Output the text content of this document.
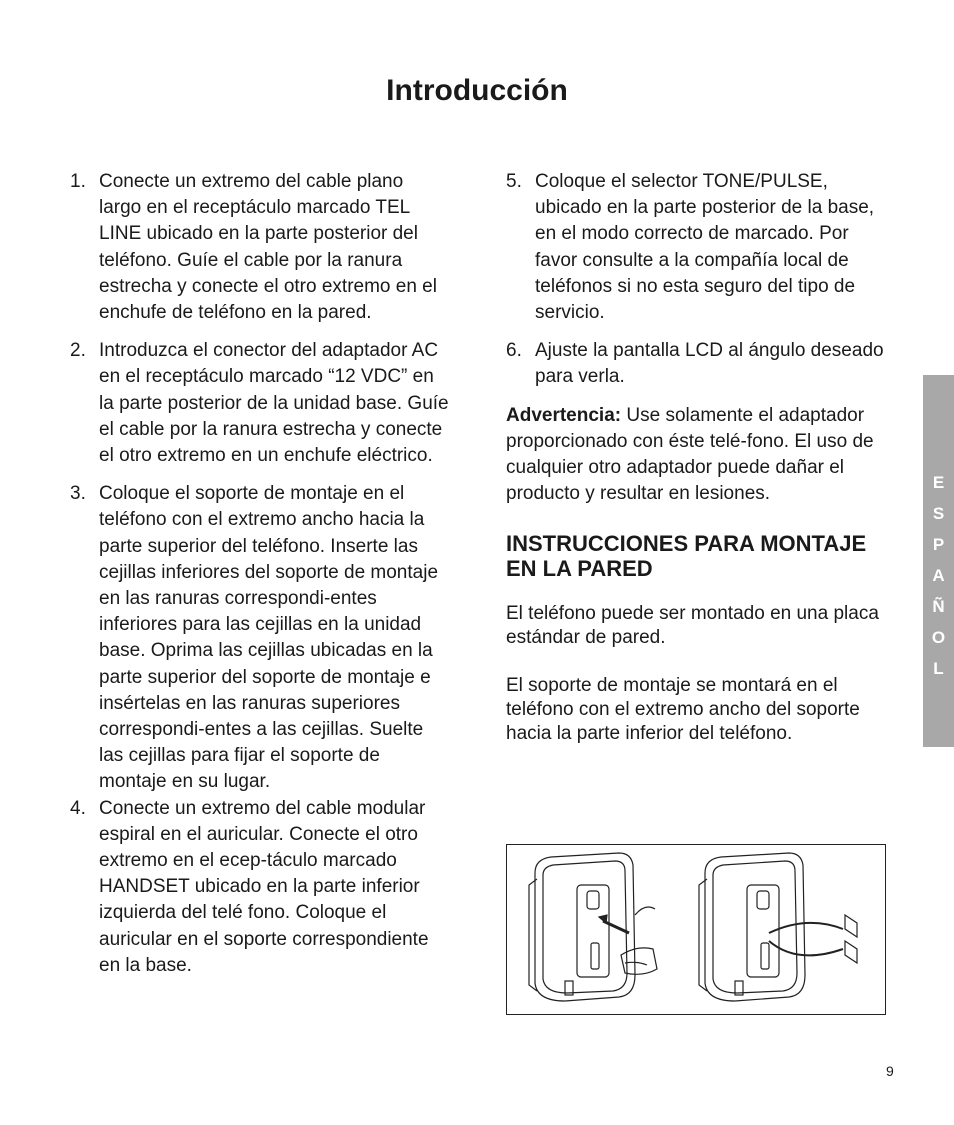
Introducción
1. Conecte un extremo del cable plano largo en el receptáculo marcado TEL LINE ubicado en la parte posterior del teléfono. Guíe el cable por la ranura estrecha y conecte el otro extremo en el enchufe de teléfono en la pared.
2. Introduzca el conector del adaptador AC en el receptáculo marcado “12 VDC” en la parte posterior de la unidad base. Guíe el cable por la ranura estrecha y conecte el otro extremo en un enchufe eléctrico.
3. Coloque el soporte de montaje en el teléfono con el extremo ancho hacia la parte superior del teléfono. Inserte las cejillas inferiores del soporte de montaje en las ranuras correspondi-entes inferiores para las cejillas en la unidad base. Oprima las cejillas ubicadas en la parte superior del soporte de montaje e insértelas en las ranuras superiores correspondi-entes a las cejillas. Suelte las cejillas para fijar el soporte de montaje en su lugar.
4. Conecte un extremo del cable modular espiral en el auricular. Conecte el otro extremo en el ecep-táculo marcado HANDSET ubicado en la parte inferior izquierda del telé fono. Coloque el auricular en el soporte correspondiente en la base.
5. Coloque el selector TONE/PULSE, ubicado en la parte posterior de la base, en el modo correcto de marcado. Por favor consulte a la compañía local de teléfonos si no esta seguro del tipo de servicio.
6. Ajuste la pantalla LCD al ángulo deseado para verla.
Advertencia: Use solamente el adaptador proporcionado con éste telé-fono. El uso de cualquier otro adaptador puede dañar el producto y resultar en lesiones.
INSTRUCCIONES PARA MONTAJE EN LA PARED
El teléfono puede ser montado en una placa estándar de pared.
El soporte de montaje se montará en el teléfono con el extremo ancho del soporte hacia la parte inferior del teléfono.
E
S
P
A
Ñ
O
L
9
